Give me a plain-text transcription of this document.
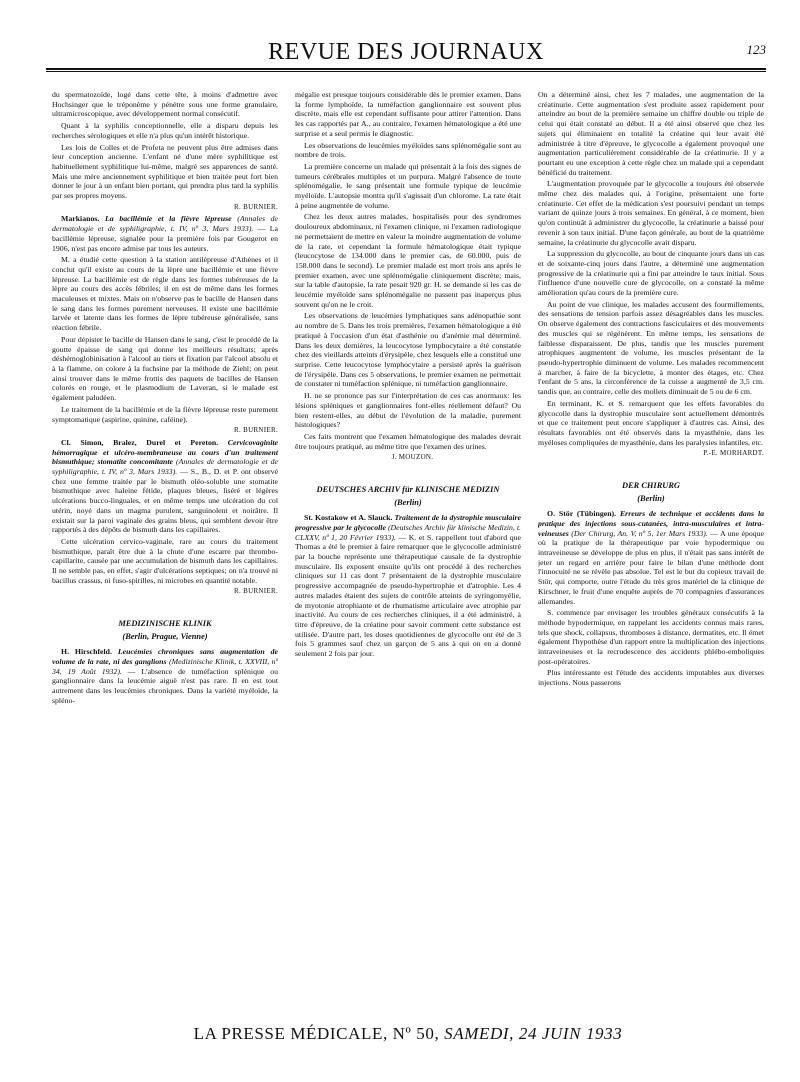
REVUE DES JOURNAUX	123

du spermatozoïde, logé dans cette tête, à moins d'admettre avec Hochsinger que le tréponème y pénètre sous une forme granulaire, ultramicroscopique, avec développement normal consécutif.

Quant à la syphilis conceptionnelle, elle a disparu depuis les recherches sérologiques et elle n'a plus qu'un intérêt historique.

Les lois de Colles et de Profeta ne peuvent plus être admises dans leur conception ancienne. L'enfant né d'une mère syphilitique est habituellement syphilitique lui-même, malgré ses apparences de santé. Mais une mère anciennement syphilitique et bien traitée peut fort bien donner le jour à un enfant bien portant, qui prendra plus tard la syphilis par ses propres moyens.

R. BURNIER.

Markianos. La bacillémie et la fièvre lépreuse (Annales de dermatologie et de syphiligraphie, t. IV, nº 3, Mars 1933). — La bacillémie lépreuse, signalée pour la première fois par Gougerot en 1906, n'est pas encore admise par tous les auteurs.

M. a étudié cette question à la station antilépreuse d'Athènes et il conclut qu'il existe au cours de la lèpre une bacillémie et une fièvre lépreuse. La bacillémie est de règle dans les formes tubéreuses de la lèpre au cours des accès fébriles; il en est de même dans les formes maculeuses et mixtes. Mais on n'observe pas le bacille de Hansen dans le sang dans les formes purement nerveuses. Il existe une bacillémie larvée et latente dans les formes de lèpre tubéreuse généralisée, sans réaction fébrile.

Pour dépister le bacille de Hansen dans le sang, c'est le procédé de la goutte épaisse de sang qui donne les meilleurs résultats; après déshémoglobinisation à l'alcool au tiers et fixation par l'alcool absolu et à la flamme, on colore à la fuchsine par la méthode de Ziehl; on peut ainsi trouver dans le même frottis des paquets de bacilles de Hansen colorés en rouge, et le plasmodium de Laveran, si le malade est également paludéen.

Le traitement de la bacillémie et de la fièvre lépreuse reste purement symptomatique (aspirine, quinine, caféine).

R. BURNIER.

Cl. Simon, Bralez, Durel et Pereton. Cervicovaginite hémorragique et ulcéro-membraneuse au cours d'un traitement bismuthique; stomatite concomitante (Annales de dermatologie et de syphiligraphie, t. IV, nº 3, Mars 1933). — S., B., D. et P. ont observé chez une femme traitée par le bismuth oléo-soluble une stomatite bismuthique avec haleine fétide, plaques bleues, liséré et légères ulcérations bucco-linguales, et en même temps une ulcération du col utérin, noyé dans un magma purulent, sanguinolent et noirâtre. Il existait sur la paroi vaginale des grains bleus, qui semblent devoir être rapportés à des dépôts de bismuth dans les capillaires.

Cette ulcération cervico-vaginale, rare au cours du traitement bismuthique, paraît être due à la chute d'une escarre par thrombo-capillarite, causée par une accumulation de bismuth dans les capillaires. Il ne semble pas, en effet, s'agir d'ulcérations septiques; on n'a trouvé ni bacillus crassus, ni fuso-spirilles, ni microbes en quantité notable.

R. BURNIER.

MEDIZINISCHE KLINIK
(Berlin, Prague, Vienne)

H. Hirschfeld. Leucémies chroniques sans augmentation de volume de la rate, ni des ganglions (Medizinische Klinik, t. XXVIII, nº 34, 19 Août 1932). — L'absence de tuméfaction splénique ou ganglionnaire dans la leucémie aiguë n'est pas rare. Il en est tout autrement dans les leucémies chroniques. Dans la variété myéloïde, la spléno-

mégalie est presque toujours considérable dès le premier examen. Dans la forme lymphoïde, la tuméfaction ganglionnaire est souvent plus discrète, mais elle est cependant suffisante pour attirer l'attention. Dans les cas rapportés par A., au contraire, l'examen hématologique a été une surprise et a seul permis le diagnostic.

Les observations de leucémies myéloïdes sans splénomégalie sont au nombre de trois.

La première concerne un malade qui présentait à la fois des signes de tumeurs cérébrales multiples et un purpura. Malgré l'absence de toute splénomégalie, le sang présentait une formule typique de leucémie myéloïde. L'autopsie montra qu'il s'agissait d'un chlorome. La rate était à peine augmentée de volume.

Chez les deux autres malades, hospitalisés pour des syndromes douloureux abdominaux, ni l'examen clinique, ni l'examen radiologique ne permettaient de mettre en valeur la moindre augmentation de volume de la rate, et cependant la formule hématologique était typique (leucocytose de 134.000 dans le premier cas, de 60.000, puis de 158.000 dans le second). Le premier malade est mort trois ans après le premier examen, avec une splénomégalie cliniquement discrète; mais, sur la table d'autopsie, la rate pesait 920 gr. H. se demande si les cas de leucémie myéloïde sans splénomégalie ne passent pas inaperçus plus souvent qu'on ne le croit.

Les observations de leucémies lymphatiques sans adénopathie sont au nombre de 5. Dans les trois premières, l'examen hématologique a été pratiqué à l'occasion d'un état d'asthénie ou d'anémie mal déterminé. Dans les deux dernières, la leucocytose lymphocytaire a été constatée chez des vieillards atteints d'érysipèle, chez lesquels elle a constitué une surprise. Cette leucocytose lymphocytaire a persisté après la guérison de l'érysipèle. Dans ces 5 observations, le premier examen ne permettait de constater ni tuméfaction splénique, ni tuméfaction ganglionnaire.

H. ne se prononce pas sur l'interprétation de ces cas anormaux: les lésions spléniques et ganglionnaires font-elles réellement défaut? Ou bien restent-elles, au début de l'évolution de la maladie, purement histologiques?

Ces faits montrent que l'examen hématologique des malades devrait être toujours pratiqué, au même titre que l'examen des urines.

J. MOUZON.

DEUTSCHES ARCHIV für KLINISCHE MEDIZIN
(Berlin)

St. Kostakow et A. Slauck. Traitement de la dystrophie musculaire progressive par le glycocolle (Deutsches Archiv für klinische Medizin, t. CLXXV, nº 1, 20 Février 1933). — K. et S. rappellent tout d'abord que Thomas a été le premier à faire remarquer que le glycocolle administré par la bouche représente une thérapeutique causale de la dystrophie musculaire. Ils exposent ensuite qu'ils ont procédé à des recherches cliniques sur 11 cas dont 7 présentaient de la dystrophie musculaire progressive accompagnée de pseudo-hypertrophie et d'atrophie. Les 4 autres malades étaient des sujets de contrôle atteints de syringomyélie, de myotonie atrophiante et de rhumatisme articulaire avec atrophie par inactivité. Au cours de ces recherches cliniques, il a été administré, à titre d'épreuve, de la créatine pour savoir comment cette substance est utilisée. D'autre part, les doses quotidiennes de glycocolle ont été de 3 fois 5 grammes sauf chez un garçon de 5 ans à qui on en a donné seulement 2 fois par jour.

On a déterminé ainsi, chez les 7 malades, une augmentation de la créatinurie. Cette augmentation s'est produite assez rapidement pour atteindre au bout de la première semaine un chiffre double ou triple de celui qui était constaté au début. Il a été ainsi observé que chez les sujets qui éliminaient en totalité la créatine qui leur avait été administrée à titre d'épreuve, le glycocolle a également provoqué une augmentation particulièrement considérable de la créatinurie. Il y a pourtant eu une exception à cette règle chez un malade qui a cependant bénéficié du traitement.

L'augmentation provoquée par le glycocolle a toujours été observée même chez des malades qui, à l'origine, présentaient une forte créatinurie. Cet effet de la médication s'est poursuivi pendant un temps variant de quinze jours à trois semaines. En général, à ce moment, bien qu'on continuât à administrer du glycocolle, la créatinurie a baissé pour revenir à son taux initial. D'une façon générale, au bout de la quatrième semaine, la créatinurie du glycocolle avait disparu.

La suppression du glycocolle, au bout de cinquante jours dans un cas et de soixante-cinq jours dans l'autre, a déterminé une augmentation progressive de la créatinurie qui a fini par atteindre le taux initial. Sous l'influence d'une nouvelle cure de glycocolle, on a constaté la même amélioration qu'au cours de la première cure.

Au point de vue clinique, les malades accusent des fourmillements, des sensations de tension parfois assez désagréables dans les muscles. On observe également des contractions fasciculaires et des mouvements des muscles qui se régénèrent. En même temps, les sensations de faiblesse disparaissent. De plus, tandis que les muscles purement atrophiques augmentent de volume, les muscles présentant de la pseudo-hypertrophie diminuent de volume. Les malades recommencent à marcher, à faire de la bicyclette, à monter des étages, etc. Chez l'enfant de 5 ans, la circonférence de la cuisse a augmenté de 3,5 cm. tandis que, au contraire, celle des mollets diminuait de 5 ou de 6 cm.

En terminant, K. et S. remarquent que les effets favorables du glycocolle dans la dystrophie musculaire sont actuellement démontrés et que ce traitement peut encore s'appliquer à d'autres cas. Ainsi, des résultats favorables ont été observés dans la myasthénie, dans les myéloses compliquées de myasthénie, dans les paralysies infantiles, etc.

P.-E. MORHARDT.

DER CHIRURG
(Berlin)

O. Stör (Tübingen). Erreurs de technique et accidents dans la pratique des injections sous-cutanées, intra-musculaires et intra-veineuses (Der Chirurg, An. V, nº 5, 1er Mars 1933). — A une époque où la pratique de la thérapeutique par voie hypodermique ou intraveineuse se développe de plus en plus, il n'était pas sans intérêt de jeter un regard en arrière pour faire le bilan d'une méthode dont l'innocuité ne se révèle pas absolue. Tel est le but du copieux travail de Stör, qui comporte, outre l'étude du très gros matériel de la clinique de Kirschner, le fruit d'une enquête auprès de 70 compagnies d'assurances allemandes.

S. commence par envisager les troubles généraux consécutifs à la méthode hypodermique, en rappelant les accidents connus mais rares, tels que shock, collapsus, thromboses à distance, dermatites, etc. Il émet également l'hypothèse d'un rapport entre la multiplication des injections intraveineuses et la recrudescence des accidents phlébo-emboliques post-opératoires.

Plus intéressante est l'étude des accidents imputables aux diverses injections. Nous passerons

LA PRESSE MÉDICALE, Nº 50, SAMEDI, 24 JUIN 1933
